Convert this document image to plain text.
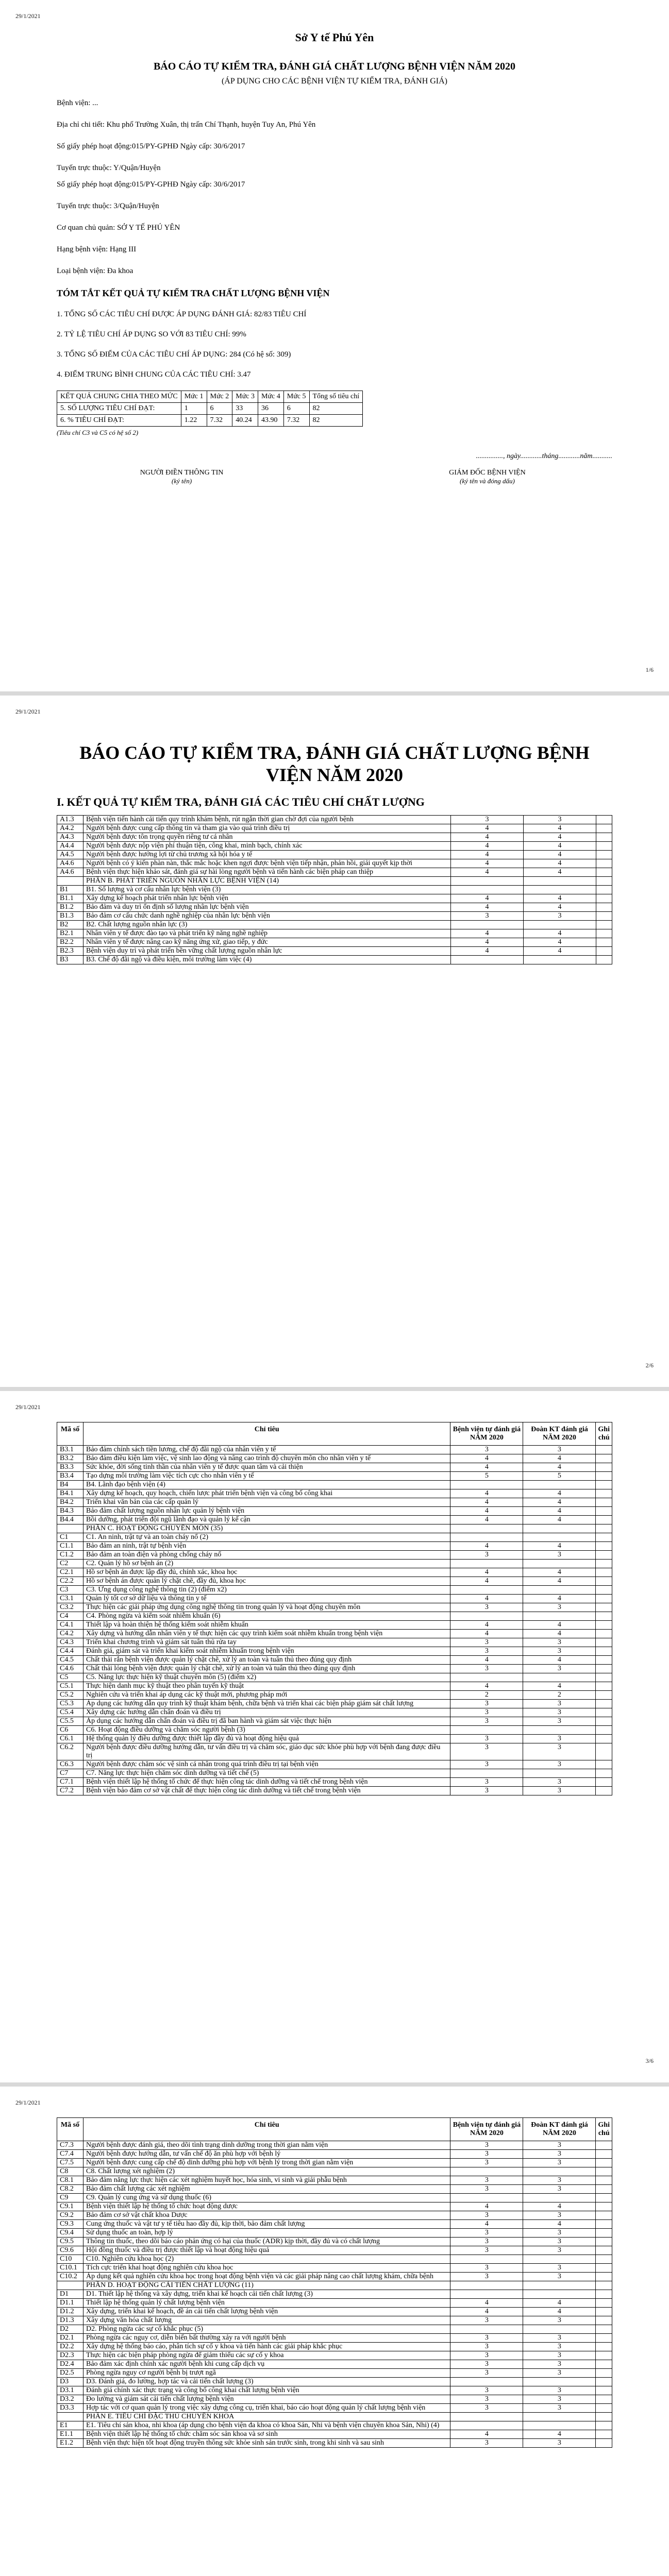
29/1/2021
Sở Y tế Phú Yên
BÁO CÁO TỰ KIỂM TRA, ĐÁNH GIÁ CHẤT LƯỢNG BỆNH VIỆN NĂM 2020
(ÁP DỤNG CHO CÁC BỆNH VIỆN TỰ KIỂM TRA, ĐÁNH GIÁ)

Bệnh viện: ...

Địa chỉ chi tiết: Khu phố Trường Xuân, thị trấn Chí Thạnh, huyện Tuy An, Phú Yên

Số giấy phép hoạt động:015/PY-GPHĐ Ngày cấp: 30/6/2017

Tuyến trực thuộc: Y/Quận/Huyện

Số giấy phép hoạt động:015/PY-GPHĐ Ngày cấp: 30/6/2017

Tuyến trực thuộc: 3/Quận/Huyện

Cơ quan chủ quản: SỞ Y TẾ PHÚ YÊN

Hạng bệnh viện: Hạng III

Loại bệnh viện: Đa khoa

TÓM TẮT KẾT QUẢ TỰ KIỂM TRA CHẤT LƯỢNG BỆNH VIỆN

1. TỔNG SỐ CÁC TIÊU CHÍ ĐƯỢC ÁP DỤNG ĐÁNH GIÁ: 82/83 TIÊU CHÍ

2. TỶ LỆ TIÊU CHÍ ÁP DỤNG SO VỚI 83 TIÊU CHÍ: 99%

3. TỔNG SỐ ĐIỂM CỦA CÁC TIÊU CHÍ ÁP DỤNG: 284 (Có hệ số: 309)

4. ĐIỂM TRUNG BÌNH CHUNG CỦA CÁC TIÊU CHÍ: 3.47

KẾT QUẢ CHUNG CHIA THEO MỨC	Mức 1	Mức 2	Mức 3	Mức 4	Mức 5	Tổng số tiêu chí
5. SỐ LƯỢNG TIÊU CHÍ ĐẠT:	1	6	33	36	6	82
6. % TIÊU CHÍ ĐẠT:	1.22	7.32	40.24	43.90	7.32	82
(Tiêu chí C3 và C5 có hệ số 2)
..............., ngày............tháng............năm...........
NGƯỜI ĐIỀN THÔNG TIN
(ký tên)
GIÁM ĐỐC BỆNH VIỆN
(ký tên và đóng dấu)
1/6
29/1/2021
BÁO CÁO TỰ KIỂM TRA, ĐÁNH GIÁ CHẤT LƯỢNG BỆNH VIỆN NĂM 2020
I. KẾT QUẢ TỰ KIỂM TRA, ĐÁNH GIÁ CÁC TIÊU CHÍ CHẤT LƯỢNG
A1.3	Bệnh viện tiến hành cải tiến quy trình khám bệnh, rút ngắn thời gian chờ đợi của người bệnh	3	3	
A4.2	Người bệnh được cung cấp thông tin và tham gia vào quá trình điều trị	4	4	
A4.3	Người bệnh được tôn trọng quyền riêng tư cá nhân	4	4	
A4.4	Người bệnh được nộp viện phí thuận tiện, công khai, minh bạch, chính xác	4	4	
A4.5	Người bệnh được hưởng lợi từ chủ trương xã hội hóa y tế	4	4	
A4.6	Người bệnh có ý kiến phàn nàn, thắc mắc hoặc khen ngợi được bệnh viện tiếp nhận, phản hồi, giải quyết kịp thời	4	4	
A4.6	Bệnh viện thực hiện khảo sát, đánh giá sự hài lòng người bệnh và tiến hành các biện pháp can thiệp	4	4	
	PHẦN B. PHÁT TRIỂN NGUỒN NHÂN LỰC BỆNH VIỆN (14)			
B1	B1. Số lượng và cơ cấu nhân lực bệnh viện (3)			
B1.1	Xây dựng kế hoạch phát triển nhân lực bệnh viện	4	4	
B1.2	Bảo đảm và duy trì ổn định số lượng nhân lực bệnh viện	4	4	
B1.3	Bảo đảm cơ cấu chức danh nghề nghiệp của nhân lực bệnh viện	3	3	
B2	B2. Chất lượng nguồn nhân lực (3)			
B2.1	Nhân viên y tế được đào tạo và phát triển kỹ năng nghề nghiệp	4	4	
B2.2	Nhân viên y tế được nâng cao kỹ năng ứng xử, giao tiếp, y đức	4	4	
B2.3	Bệnh viện duy trì và phát triển bền vững chất lượng nguồn nhân lực	4	4	
B3	B3. Chế độ đãi ngộ và điều kiện, môi trường làm việc (4)			
2/6
29/1/2021
Mã số	Chỉ tiêu	Bệnh viện tự đánh giá NĂM 2020	Đoàn KT đánh giá NĂM 2020	Ghi chú
B3.1	Bảo đảm chính sách tiền lương, chế độ đãi ngộ của nhân viên y tế	3	3	
B3.2	Bảo đảm điều kiện làm việc, vệ sinh lao động và nâng cao trình độ chuyên môn cho nhân viên y tế	4	4	
B3.3	Sức khỏe, đời sống tinh thần của nhân viên y tế được quan tâm và cải thiện	4	4	
B3.4	Tạo dựng môi trường làm việc tích cực cho nhân viên y tế	5	5	
B4	B4. Lãnh đạo bệnh viện (4)			
B4.1	Xây dựng kế hoạch, quy hoạch, chiến lược phát triển bệnh viện và công bố công khai	4	4	
B4.2	Triển khai văn bản của các cấp quản lý	4	4	
B4.3	Bảo đảm chất lượng nguồn nhân lực quản lý bệnh viện	4	4	
B4.4	Bồi dưỡng, phát triển đội ngũ lãnh đạo và quản lý kế cận	4	4	
	PHẦN C. HOẠT ĐỘNG CHUYÊN MÔN (35)			
C1	C1. An ninh, trật tự và an toàn cháy nổ (2)			
C1.1	Bảo đảm an ninh, trật tự bệnh viện	4	4	
C1.2	Bảo đảm an toàn điện và phòng chống cháy nổ	3	3	
C2	C2. Quản lý hồ sơ bệnh án (2)			
C2.1	Hồ sơ bệnh án được lập đầy đủ, chính xác, khoa học	4	4	
C2.2	Hồ sơ bệnh án được quản lý chặt chẽ, đầy đủ, khoa học	4	4	
C3	C3. Ứng dụng công nghệ thông tin (2) (điểm x2)			
C3.1	Quản lý tốt cơ sở dữ liệu và thông tin y tế	4	4	
C3.2	Thực hiện các giải pháp ứng dụng công nghệ thông tin trong quản lý và hoạt động chuyên môn	3	3	
C4	C4. Phòng ngừa và kiểm soát nhiễm khuẩn (6)			
C4.1	Thiết lập và hoàn thiện hệ thống kiểm soát nhiễm khuẩn	4	4	
C4.2	Xây dựng và hướng dẫn nhân viên y tế thực hiện các quy trình kiểm soát nhiễm khuẩn trong bệnh viện	4	4	
C4.3	Triển khai chương trình và giám sát tuân thủ rửa tay	3	3	
C4.4	Đánh giá, giám sát và triển khai kiểm soát nhiễm khuẩn trong bệnh viện	3	3	
C4.5	Chất thải rắn bệnh viện được quản lý chặt chẽ, xử lý an toàn và tuân thủ theo đúng quy định	4	4	
C4.6	Chất thải lỏng bệnh viện được quản lý chặt chẽ, xử lý an toàn và tuân thủ theo đúng quy định	3	3	
C5	C5. Năng lực thực hiện kỹ thuật chuyên môn (5) (điểm x2)			
C5.1	Thực hiện danh mục kỹ thuật theo phân tuyến kỹ thuật	4	4	
C5.2	Nghiên cứu và triển khai áp dụng các kỹ thuật mới, phương pháp mới	2	2	
C5.3	Áp dụng các hướng dẫn quy trình kỹ thuật khám bệnh, chữa bệnh và triển khai các biện pháp giám sát chất lượng	3	3	
C5.4	Xây dựng các hướng dẫn chẩn đoán và điều trị	3	3	
C5.5	Áp dụng các hướng dẫn chẩn đoán và điều trị đã ban hành và giám sát việc thực hiện	3	3	
C6	C6. Hoạt động điều dưỡng và chăm sóc người bệnh (3)			
C6.1	Hệ thống quản lý điều dưỡng được thiết lập đầy đủ và hoạt động hiệu quả	3	3	
C6.2	Người bệnh được điều dưỡng hướng dẫn, tư vấn điều trị và chăm sóc, giáo dục sức khỏe phù hợp với bệnh đang được điều trị	3	3	
C6.3	Người bệnh được chăm sóc vệ sinh cá nhân trong quá trình điều trị tại bệnh viện	3	3	
C7	C7. Năng lực thực hiện chăm sóc dinh dưỡng và tiết chế (5)			
C7.1	Bệnh viện thiết lập hệ thống tổ chức để thực hiện công tác dinh dưỡng và tiết chế trong bệnh viện	3	3	
C7.2	Bệnh viện bảo đảm cơ sở vật chất để thực hiện công tác dinh dưỡng và tiết chế trong bệnh viện	3	3	
3/6
29/1/2021
Mã số	Chỉ tiêu	Bệnh viện tự đánh giá NĂM 2020	Đoàn KT đánh giá NĂM 2020	Ghi chú
C7.3	Người bệnh được đánh giá, theo dõi tình trạng dinh dưỡng trong thời gian nằm viện	3	3	
C7.4	Người bệnh được hướng dẫn, tư vấn chế độ ăn phù hợp với bệnh lý	3	3	
C7.5	Người bệnh được cung cấp chế độ dinh dưỡng phù hợp với bệnh lý trong thời gian nằm viện	3	3	
C8	C8. Chất lượng xét nghiệm (2)			
C8.1	Bảo đảm năng lực thực hiện các xét nghiệm huyết học, hóa sinh, vi sinh và giải phẫu bệnh	3	3	
C8.2	Bảo đảm chất lượng các xét nghiệm	3	3	
C9	C9. Quản lý cung ứng và sử dụng thuốc (6)			
C9.1	Bệnh viện thiết lập hệ thống tổ chức hoạt động dược	4	4	
C9.2	Bảo đảm cơ sở vật chất khoa Dược	3	3	
C9.3	Cung ứng thuốc và vật tư y tế tiêu hao đầy đủ, kịp thời, bảo đảm chất lượng	4	4	
C9.4	Sử dụng thuốc an toàn, hợp lý	3	3	
C9.5	Thông tin thuốc, theo dõi báo cáo phản ứng có hại của thuốc (ADR) kịp thời, đầy đủ và có chất lượng	3	3	
C9.6	Hội đồng thuốc và điều trị được thiết lập và hoạt động hiệu quả	3	3	
C10	C10. Nghiên cứu khoa học (2)			
C10.1	Tích cực triển khai hoạt động nghiên cứu khoa học	3	3	
C10.2	Áp dụng kết quả nghiên cứu khoa học trong hoạt động bệnh viện và các giải pháp nâng cao chất lượng khám, chữa bệnh	3	3	
	PHẦN D. HOẠT ĐỘNG CẢI TIẾN CHẤT LƯỢNG (11)			
D1	D1. Thiết lập hệ thống và xây dựng, triển khai kế hoạch cải tiến chất lượng (3)			
D1.1	Thiết lập hệ thống quản lý chất lượng bệnh viện	4	4	
D1.2	Xây dựng, triển khai kế hoạch, đề án cải tiến chất lượng bệnh viện	4	4	
D1.3	Xây dựng văn hóa chất lượng	3	3	
D2	D2. Phòng ngừa các sự cố khắc phục (5)			
D2.1	Phòng ngừa các nguy cơ, diễn biến bất thường xảy ra với người bệnh	3	3	
D2.2	Xây dựng hệ thống báo cáo, phân tích sự cố y khoa và tiến hành các giải pháp khắc phục	3	3	
D2.3	Thực hiện các biện pháp phòng ngừa để giảm thiểu các sự cố y khoa	3	3	
D2.4	Bảo đảm xác định chính xác người bệnh khi cung cấp dịch vụ	3	3	
D2.5	Phòng ngừa nguy cơ người bệnh bị trượt ngã	3	3	
D3	D3. Đánh giá, đo lường, hợp tác và cải tiến chất lượng (3)			
D3.1	Đánh giá chính xác thực trạng và công bố công khai chất lượng bệnh viện	3	3	
D3.2	Đo lường và giám sát cải tiến chất lượng bệnh viện	3	3	
D3.3	Hợp tác với cơ quan quản lý trong việc xây dựng công cụ, triển khai, báo cáo hoạt động quản lý chất lượng bệnh viện	3	3	
	PHẦN E. TIÊU CHÍ ĐẶC THÙ CHUYÊN KHOA			
E1	E1. Tiêu chí sản khoa, nhi khoa (áp dụng cho bệnh viện đa khoa có khoa Sản, Nhi và bệnh viện chuyên khoa Sản, Nhi) (4)			
E1.1	Bệnh viện thiết lập hệ thống tổ chức chăm sóc sản khoa và sơ sinh	4	4	
E1.2	Bệnh viện thực hiện tốt hoạt động truyền thông sức khỏe sinh sản trước sinh, trong khi sinh và sau sinh	3	3	
